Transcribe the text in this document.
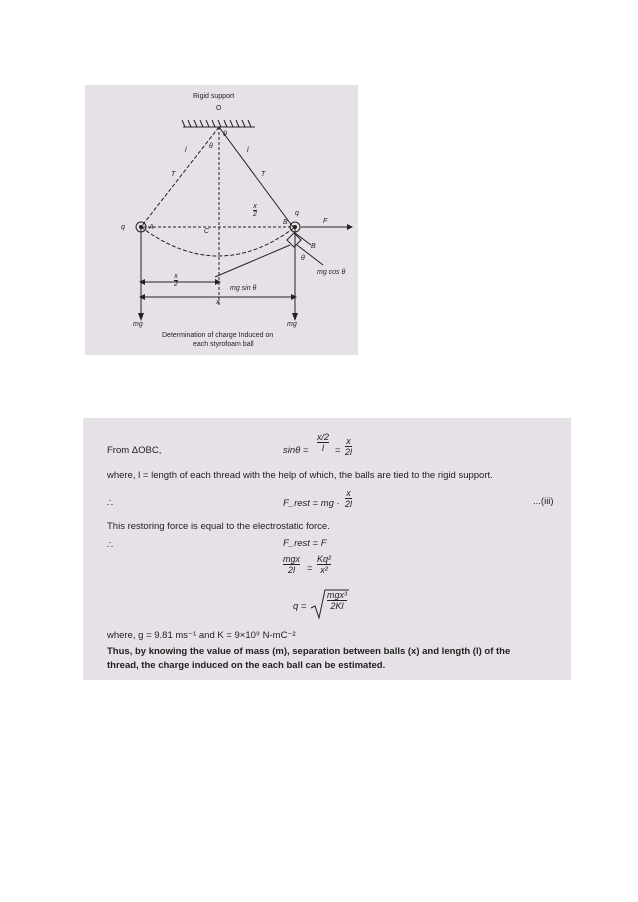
Rigid support
O
θ
θ
l	l
T	T
q	A
C
x
2
B
q
F
B
θ
mg cos θ
x
2
mg sin θ
x
mg	mg
Determination of charge Induced on
each styrofoam ball
From ΔOBC,	sinθ =
x/2
l =
x
2l
where, l = length of each thread with the help of which, the balls are tied to the rigid support.
∴	F_rest = mg ·
x
2l	...(iii)
This restoring force is equal to the electrostatic force.
∴	F_rest = F
mgx
2l =
Kq²
x²
q =
mgx³
2Kl
where, g = 9.81 ms⁻¹ and K = 9×10⁹ N-mC⁻²
Thus, by knowing the value of mass (m), separation between balls (x) and length (l) of the
thread, the charge induced on the each ball can be estimated.
